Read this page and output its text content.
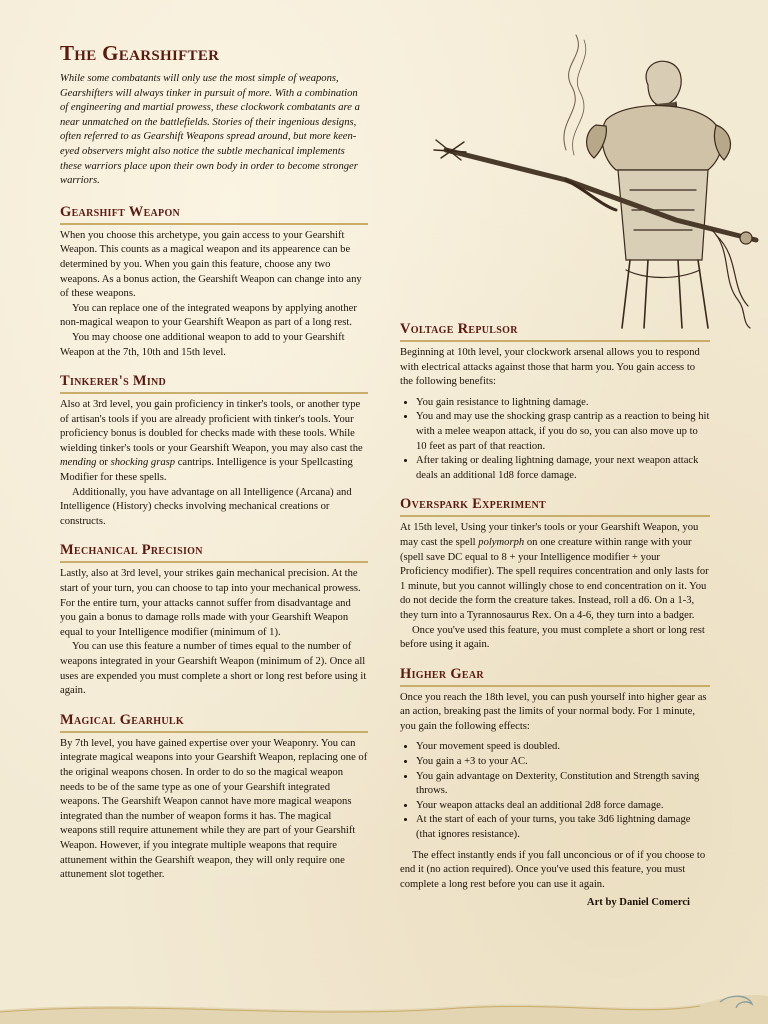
The Gearshifter

While some combatants will only use the most simple of weapons, Gearshifters will always tinker in pursuit of more. With a combination of engineering and martial prowess, these clockwork combatants are a near unmatched on the battlefields. Stories of their ingenious designs, often referred to as Gearshift Weapons spread around, but more keen-eyed observers might also notice the subtle mechanical implements these warriors place upon their own body in order to become stronger warriors.

Gearshift Weapon

When you choose this archetype, you gain access to your Gearshift Weapon. This counts as a magical weapon and its appearence can be determined by you. When you gain this feature, choose any two weapons. As a bonus action, the Gearshift Weapon can change into any of these weapons.

You can replace one of the integrated weapons by applying another non-magical weapon to your Gearshift Weapon as part of a long rest.

You may choose one additional weapon to add to your Gearshift Weapon at the 7th, 10th and 15th level.

Tinkerer's Mind

Also at 3rd level, you gain proficiency in tinker's tools, or another type of artisan's tools if you are already proficient with tinker's tools. Your proficiency bonus is doubled for checks made with these tools. While wielding tinker's tools or your Gearshift Weapon, you may also cast the mending or shocking grasp cantrips. Intelligence is your Spellcasting Modifier for these spells.

Additionally, you have advantage on all Intelligence (Arcana) and Intelligence (History) checks involving mechanical creations or constructs.

Mechanical Precision

Lastly, also at 3rd level, your strikes gain mechanical precision. At the start of your turn, you can choose to tap into your mechanical prowess. For the entire turn, your attacks cannot suffer from disadvantage and you gain a bonus to damage rolls made with your Gearshift Weapon equal to your Intelligence modifier (minimum of 1).

You can use this feature a number of times equal to the number of weapons integrated in your Gearshift Weapon (minimum of 2). Once all uses are expended you must complete a short or long rest before using it again.

Magical Gearhulk

By 7th level, you have gained expertise over your Weaponry. You can integrate magical weapons into your Gearshift Weapon, replacing one of the original weapons chosen. In order to do so the magical weapon needs to be of the same type as one of your Gearshift integrated weapons. The Gearshift Weapon cannot have more magical weapons integrated than the number of weapon forms it has. The magical weapons still require attunement while they are part of your Gearshift Weapon. However, if you integrate multiple weapons that require attunement within the Gearshift weapon, they will only require one attunement slot together.

Voltage Repulsor

Beginning at 10th level, your clockwork arsenal allows you to respond with electrical attacks against those that harm you. You gain access to the following benefits:

• You gain resistance to lightning damage.
• You and may use the shocking grasp cantrip as a reaction to being hit with a melee weapon attack, if you do so, you can also move up to 10 feet as part of that reaction.
• After taking or dealing lightning damage, your next weapon attack deals an additional 1d8 force damage.
Overspark Experiment

At 15th level, Using your tinker's tools or your Gearshift Weapon, you may cast the spell polymorph on one creature within range with your (spell save DC equal to 8 + your Intelligence modifier + your Proficiency modifier). The spell requires concentration and only lasts for 1 minute, but you cannot willingly chose to end concentration on it. You do not decide the form the creature takes. Instead, roll a d6. On a 1-3, they turn into a Tyrannosaurus Rex. On a 4-6, they turn into a badger.

Once you've used this feature, you must complete a short or long rest before using it again.

Higher Gear

Once you reach the 18th level, you can push yourself into higher gear as an action, breaking past the limits of your normal body. For 1 minute, you gain the following effects:

• Your movement speed is doubled.
• You gain a +3 to your AC.
• You gain advantage on Dexterity, Constitution and Strength saving throws.
• Your weapon attacks deal an additional 2d8 force damage.
• At the start of each of your turns, you take 3d6 lightning damage (that ignores resistance).

The effect instantly ends if you fall unconcious or of if you choose to end it (no action required). Once you've used this feature, you must complete a long rest before you can use it again.

Art by Daniel Comerci
